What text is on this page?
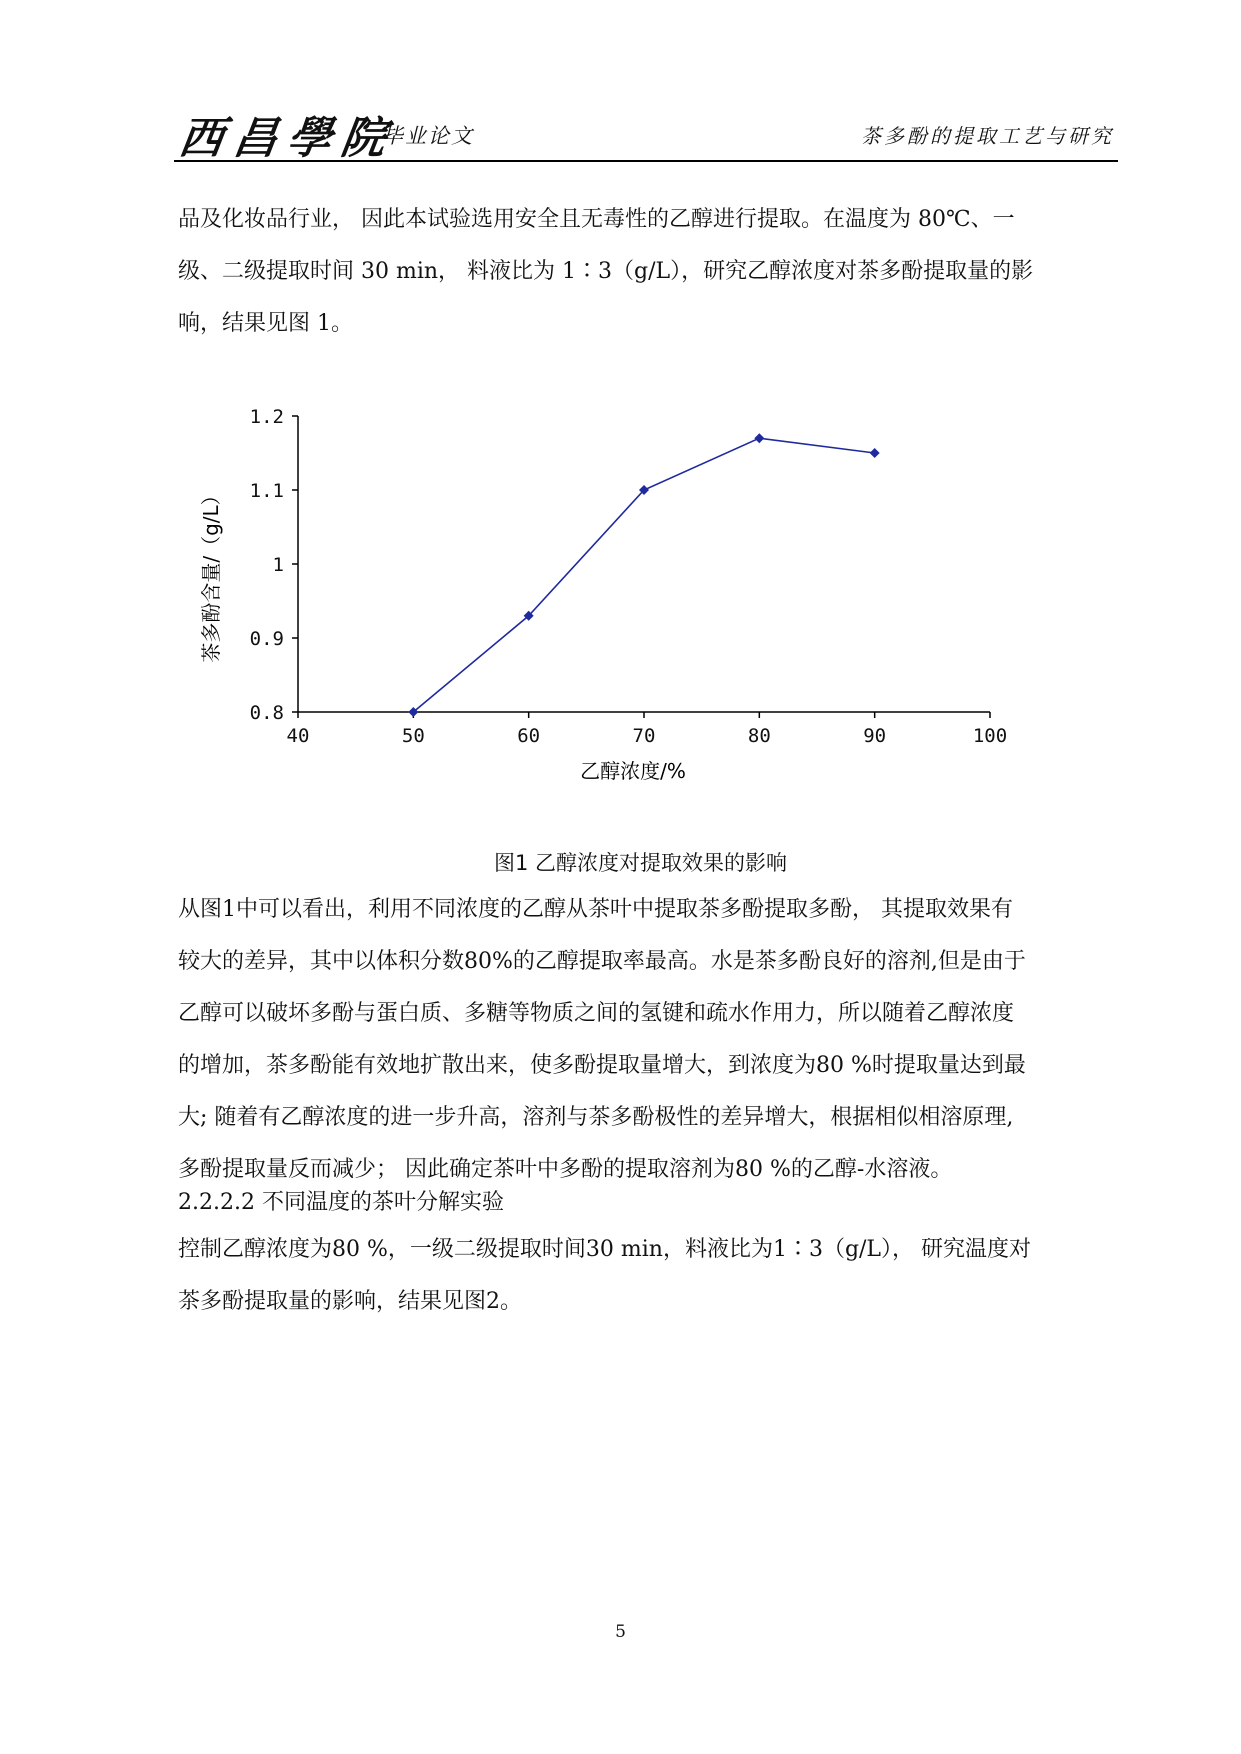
西昌學院
毕业论文	茶多酚的提取工艺与研究

品及化妆品行业， 因此本试验选用安全且无毒性的乙醇进行提取。在温度为 80℃、一
级、二级提取时间 30 min， 料液比为 1∶3（g/L），研究乙醇浓度对茶多酚提取量的影
响，结果见图 1。

40	50	60	70	80	90	100
0.8
0.9
1
1.1
1.2
乙醇浓度/%
茶多酚含量/（g/L）
图1 乙醇浓度对提取效果的影响

从图1中可以看出，利用不同浓度的乙醇从茶叶中提取茶多酚提取多酚， 其提取效果有
较大的差异，其中以体积分数80%的乙醇提取率最高。水是茶多酚良好的溶剂,但是由于
乙醇可以破坏多酚与蛋白质、多糖等物质之间的氢键和疏水作用力，所以随着乙醇浓度
的增加，茶多酚能有效地扩散出来，使多酚提取量增大，到浓度为80 %时提取量达到最
大; 随着有乙醇浓度的进一步升高，溶剂与茶多酚极性的差异增大，根据相似相溶原理,
多酚提取量反而减少； 因此确定茶叶中多酚的提取溶剂为80 %的乙醇-水溶液。

2.2.2.2 不同温度的茶叶分解实验

控制乙醇浓度为80 %，一级二级提取时间30 min，料液比为1∶3（g/L）， 研究温度对
茶多酚提取量的影响，结果见图2。

5
